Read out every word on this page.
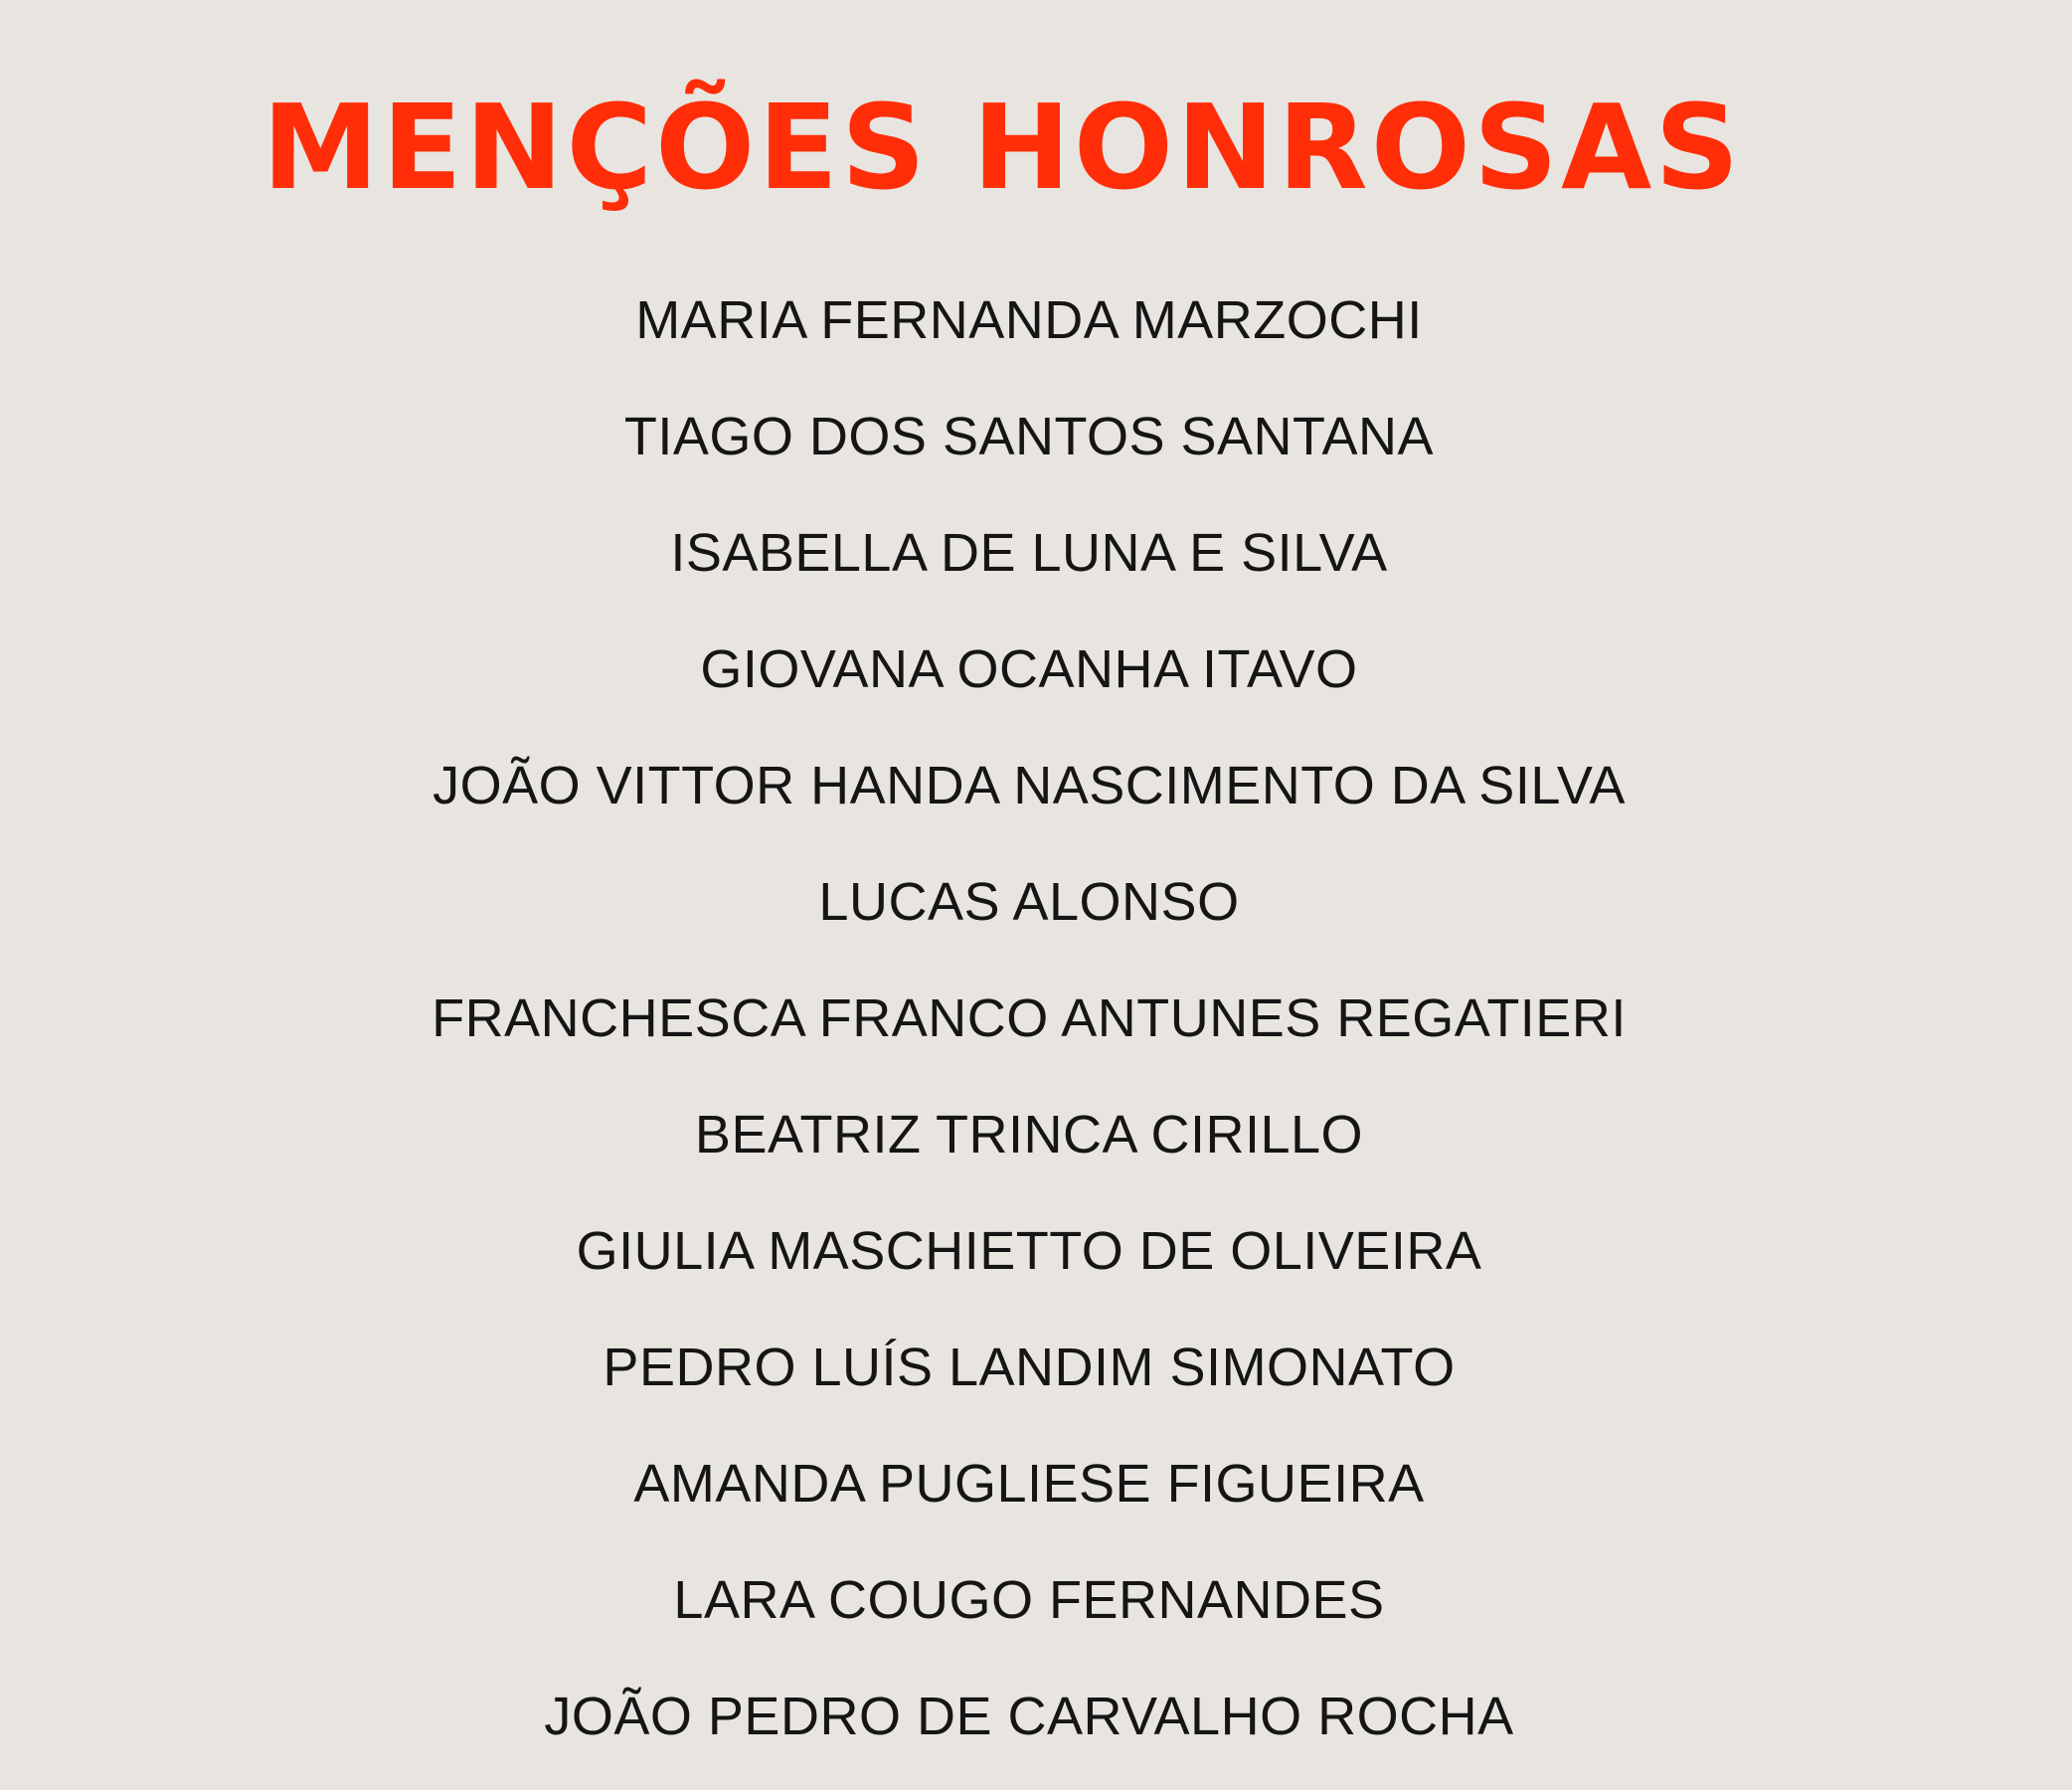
MENÇÕES HONROSAS
MARIA FERNANDA MARZOCHI
TIAGO DOS SANTOS SANTANA
ISABELLA DE LUNA E SILVA
GIOVANA OCANHA ITAVO
JOÃO VITTOR HANDA NASCIMENTO DA SILVA
LUCAS ALONSO
FRANCHESCA FRANCO ANTUNES REGATIERI
BEATRIZ TRINCA CIRILLO
GIULIA MASCHIETTO DE OLIVEIRA
PEDRO LUÍS LANDIM SIMONATO
AMANDA PUGLIESE FIGUEIRA
LARA COUGO FERNANDES
JOÃO PEDRO DE CARVALHO ROCHA
